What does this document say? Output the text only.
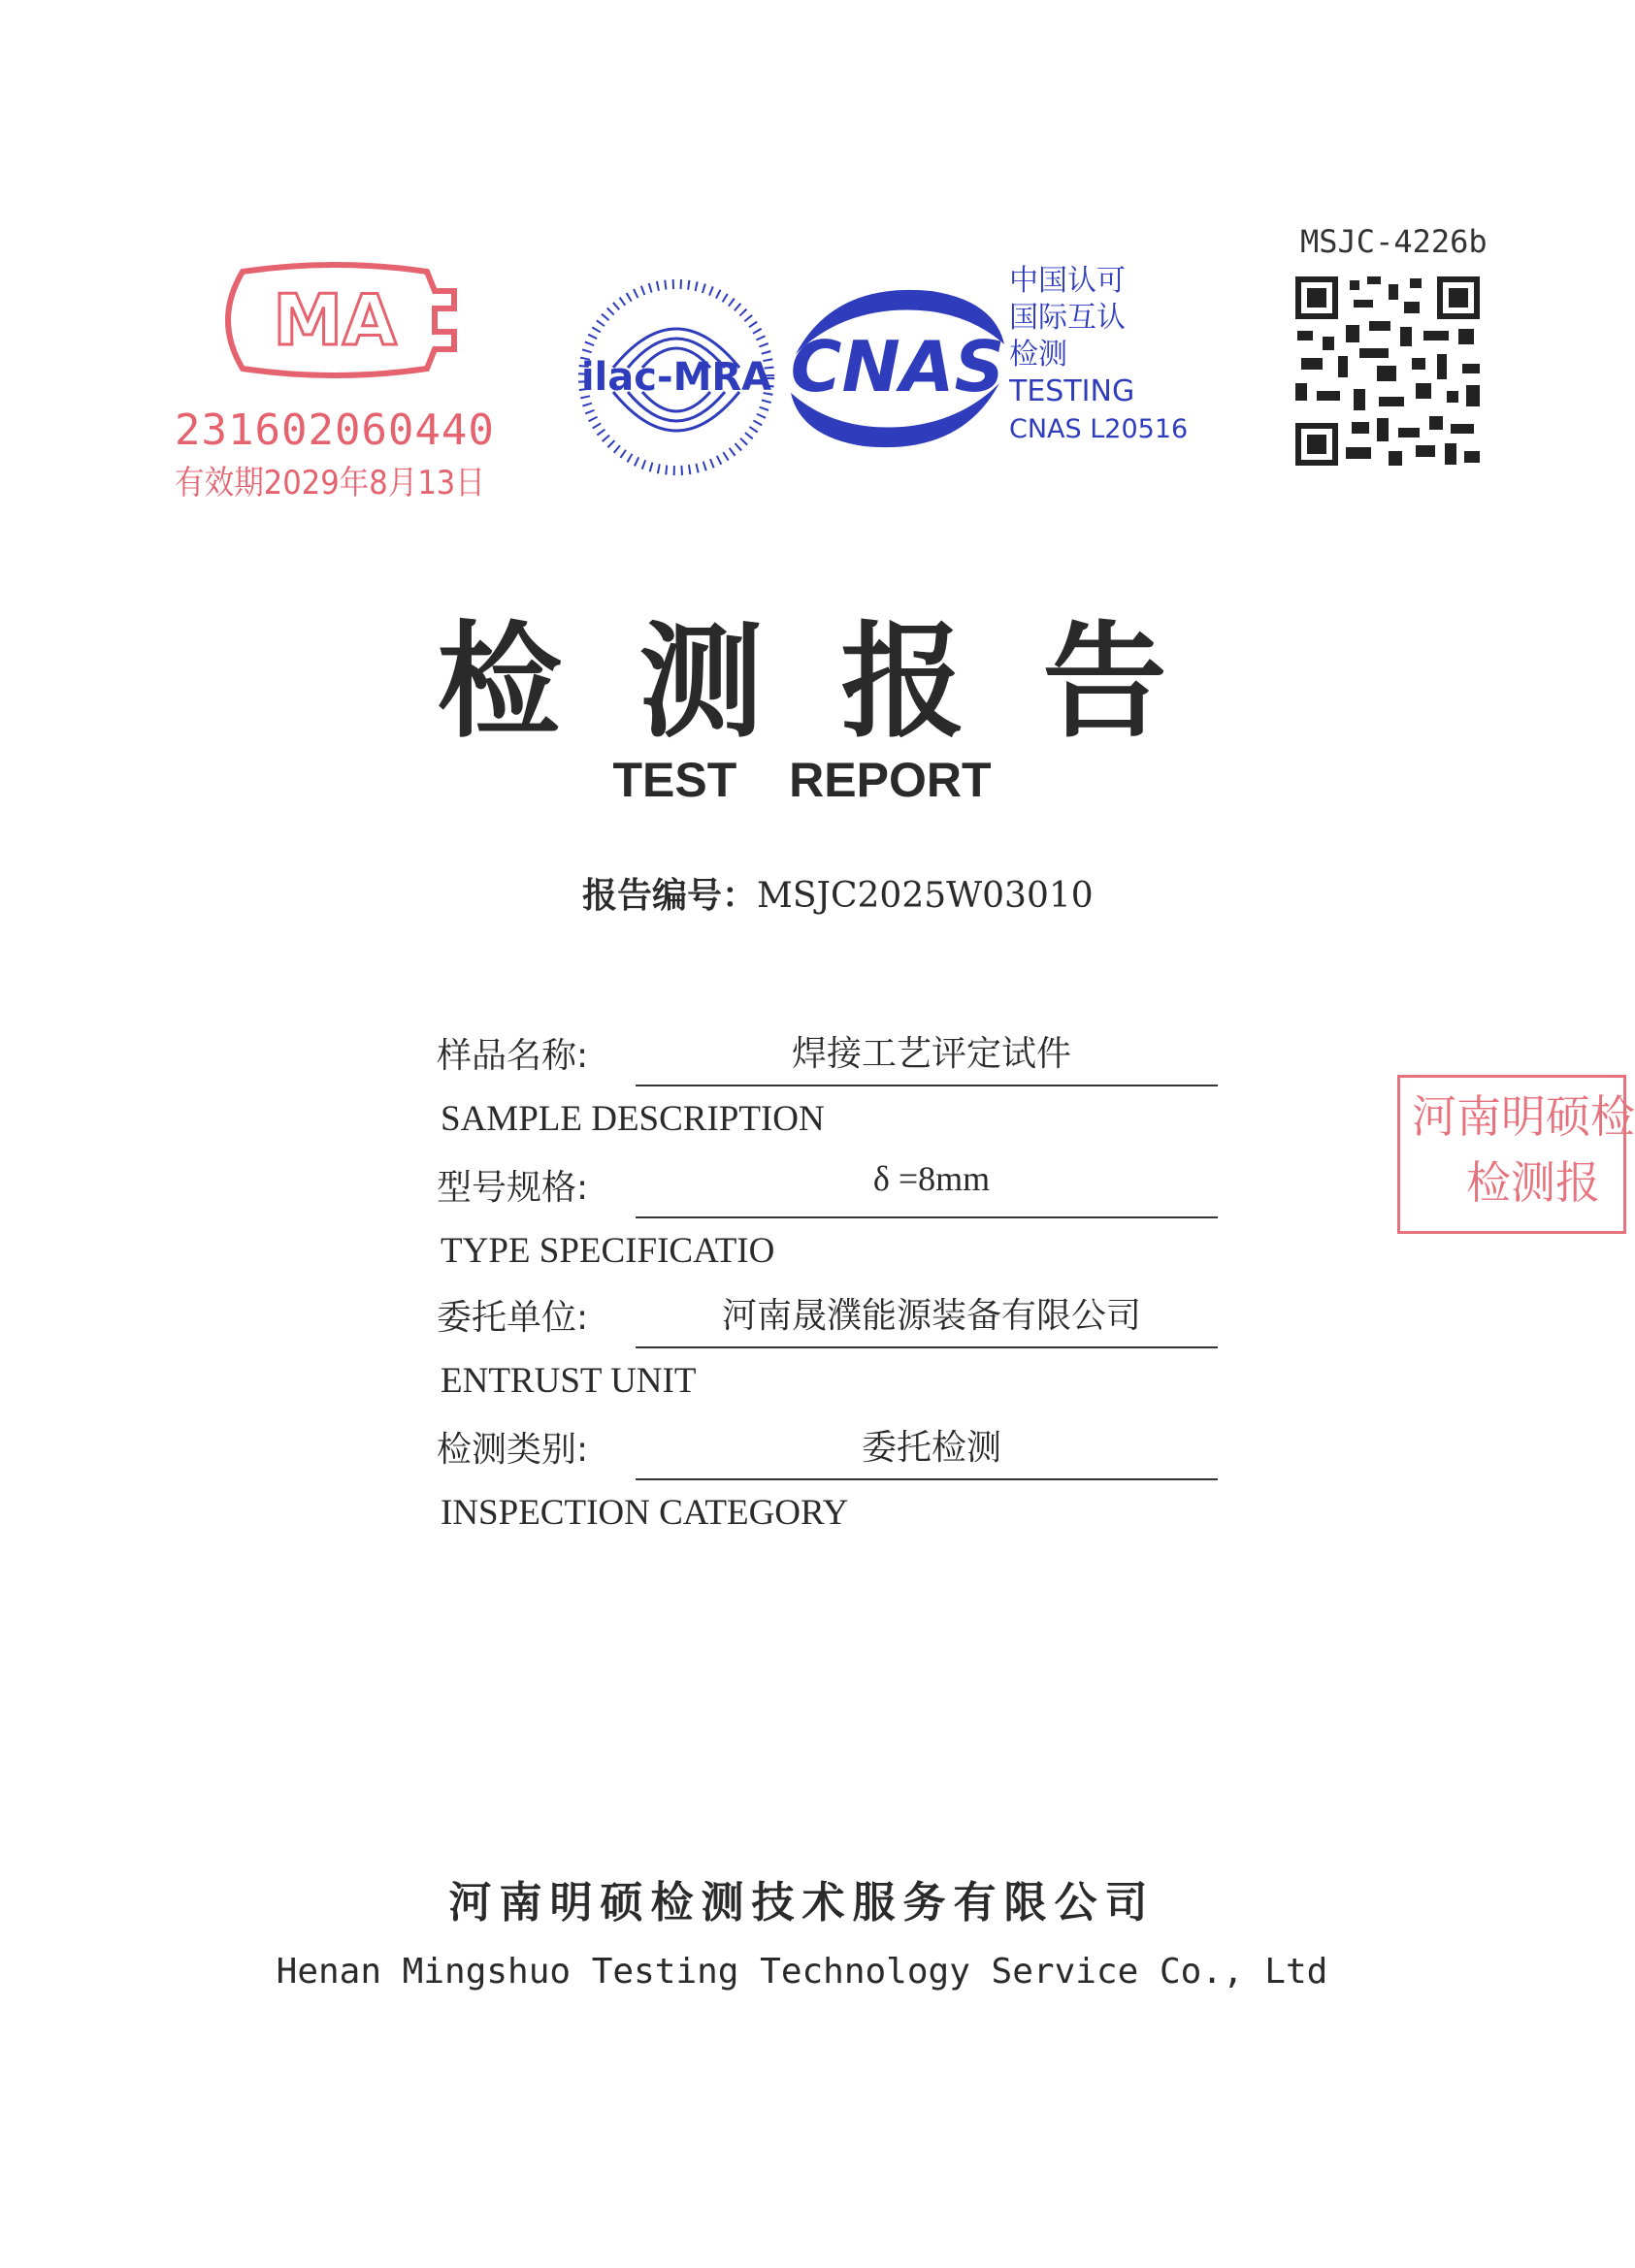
MA
231602060440
有效期2029年8月13日
ilac-MRA CNAS
中国认可
国际互认
检测
TESTING
CNAS L20516
MSJC-4226b
检测报告
TEST REPORT
报告编号：MSJC2025W03010
样品名称:	焊接工艺评定试件
SAMPLE DESCRIPTION
型号规格:	δ =8mm
TYPE SPECIFICATIO
委托单位:	河南晟濮能源装备有限公司
ENTRUST UNIT
检测类别:	委托检测
INSPECTION CATEGORY
河南明硕检
检测报
河南明硕检测技术服务有限公司
Henan Mingshuo Testing Technology Service Co., Ltd
